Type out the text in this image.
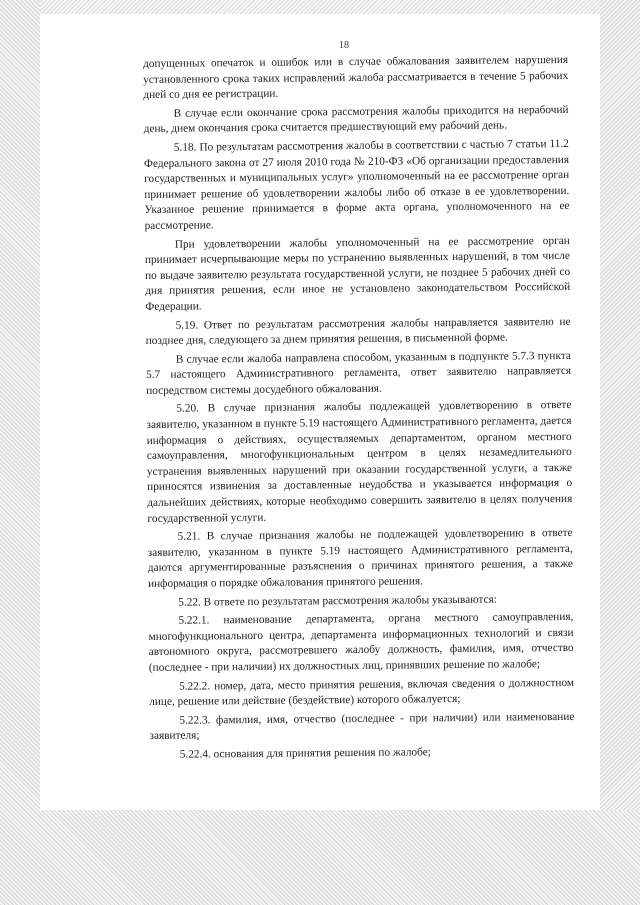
18

допущенных опечаток и ошибок или в случае обжалования заявителем нарушения установленного срока таких исправлений жалоба рассматривается в течение 5 рабочих дней со дня ее регистрации.

В случае если окончание срока рассмотрения жалобы приходится на нерабочий день, днем окончания срока считается предшествующий ему рабочий день.

5.18. По результатам рассмотрения жалобы в соответствии с частью 7 статьи 11.2 Федерального закона от 27 июля 2010 года № 210-ФЗ «Об организации предоставления государственных и муниципальных услуг» уполномоченный на ее рассмотрение орган принимает решение об удовлетворении жалобы либо об отказе в ее удовлетворении. Указанное решение принимается в форме акта органа, уполномоченного на ее рассмотрение.

При удовлетворении жалобы уполномоченный на ее рассмотрение орган принимает исчерпывающие меры по устранению выявленных нарушений, в том числе по выдаче заявителю результата государственной услуги, не позднее 5 рабочих дней со дня принятия решения, если иное не установлено законодательством Российской Федерации.

5.19. Ответ по результатам рассмотрения жалобы направляется заявителю не позднее дня, следующего за днем принятия решения, в письменной форме.

В случае если жалоба направлена способом, указанным в подпункте 5.7.3 пункта 5.7 настоящего Административного регламента, ответ заявителю направляется посредством системы досудебного обжалования.

5.20. В случае признания жалобы подлежащей удовлетворению в ответе заявителю, указанном в пункте 5.19 настоящего Административного регламента, дается информация о действиях, осуществляемых департаментом, органом местного самоуправления, многофункциональным центром в целях незамедлительного устранения выявленных нарушений при оказании государственной услуги, а также приносятся извинения за доставленные неудобства и указывается информация о дальнейших действиях, которые необходимо совершить заявителю в целях получения государственной услуги.

5.21. В случае признания жалобы не подлежащей удовлетворению в ответе заявителю, указанном в пункте 5.19 настоящего Административного регламента, даются аргументированные разъяснения о причинах принятого решения, а также информация о порядке обжалования принятого решения.

5.22. В ответе по результатам рассмотрения жалобы указываются:

5.22.1. наименование департамента, органа местного самоуправления, многофункционального центра, департамента информационных технологий и связи автономного округа, рассмотревшего жалобу должность, фамилия, имя, отчество (последнее - при наличии) их должностных лиц, принявших решение по жалобе;

5.22.2. номер, дата, место принятия решения, включая сведения о должностном лице, решение или действие (бездействие) которого обжалуется;

5.22.3. фамилия, имя, отчество (последнее - при наличии) или наименование заявителя;

5.22.4. основания для принятия решения по жалобе;
